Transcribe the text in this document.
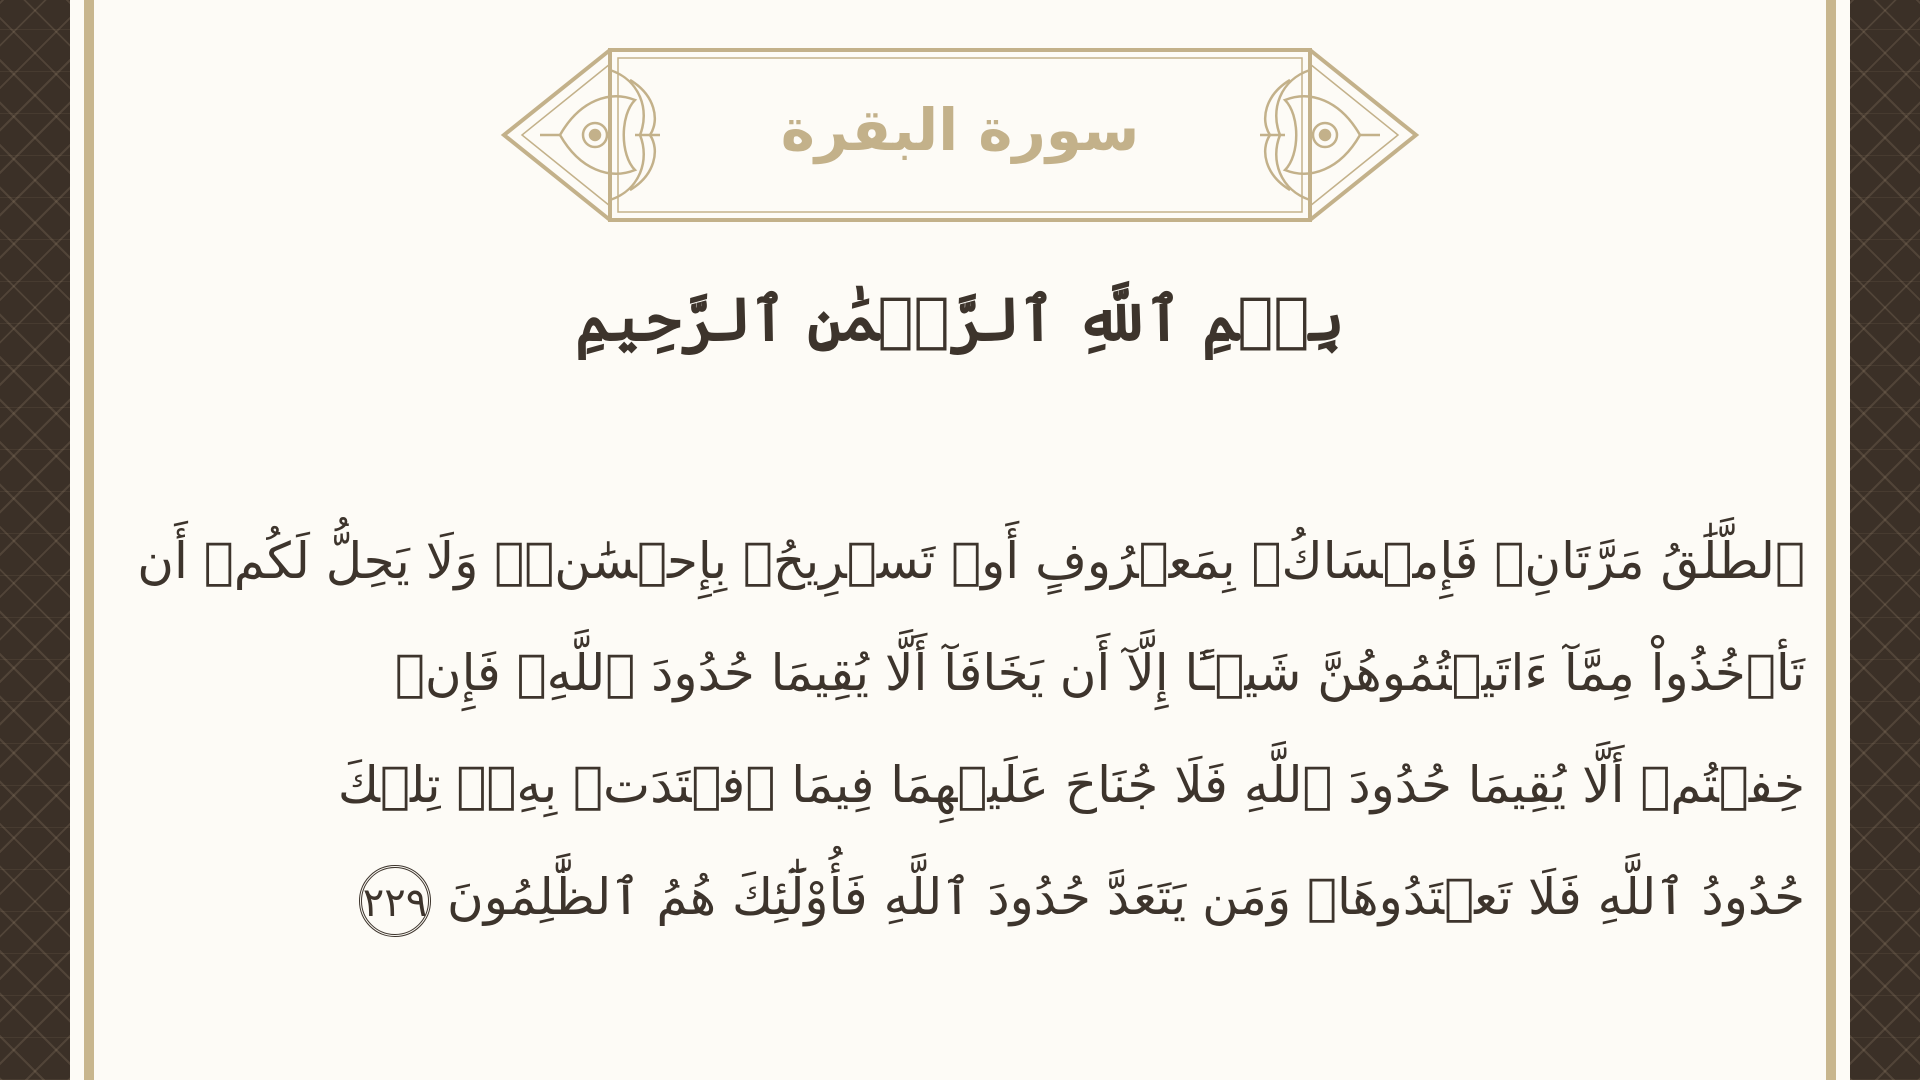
سورة البقرة
بِسۡمِ ٱللَّهِ ٱلرَّحۡمَٰنِ ٱلرَّحِيمِ
ٱلطَّلَٰقُ مَرَّتَانِۖ فَإِمۡسَاكُۢ بِمَعۡرُوفٍ أَوۡ تَسۡرِيحُۢ بِإِحۡسَٰنٖۗ وَلَا يَحِلُّ لَكُمۡ أَن
تَأۡخُذُواْ مِمَّآ ءَاتَيۡتُمُوهُنَّ شَيۡـًٔا إِلَّآ أَن يَخَافَآ أَلَّا يُقِيمَا حُدُودَ ٱللَّهِۖ فَإِنۡ
خِفۡتُمۡ أَلَّا يُقِيمَا حُدُودَ ٱللَّهِ فَلَا جُنَاحَ عَلَيۡهِمَا فِيمَا ٱفۡتَدَتۡ بِهِۦۗ تِلۡكَ
حُدُودُ ٱللَّهِ فَلَا تَعۡتَدُوهَاۚ وَمَن يَتَعَدَّ حُدُودَ ٱللَّهِ فَأُوْلَٰٓئِكَ هُمُ ٱلظَّٰلِمُونَ٢٢٩
